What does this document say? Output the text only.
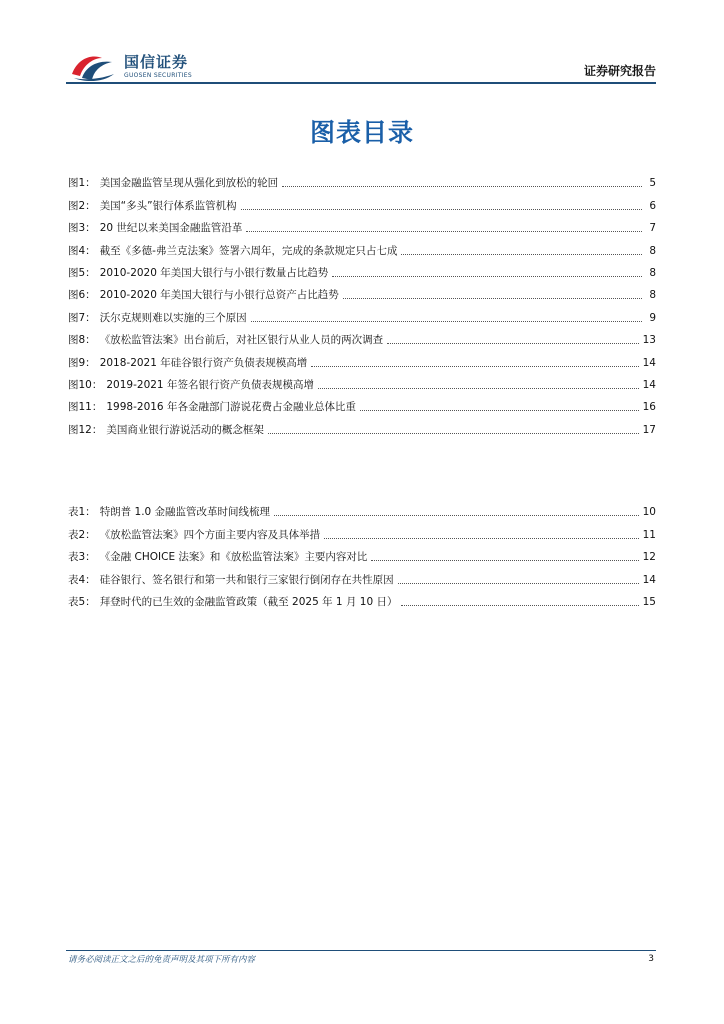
国信证券
GUOSEN SECURITIES	证券研究报告
图表目录
图1： 美国金融监管呈现从强化到放松的轮回	5
图2： 美国“多头”银行体系监管机构	6
图3： 20 世纪以来美国金融监管沿革	7
图4： 截至《多德-弗兰克法案》签署六周年，完成的条款规定只占七成	8
图5： 2010-2020 年美国大银行与小银行数量占比趋势	8
图6： 2010-2020 年美国大银行与小银行总资产占比趋势	8
图7： 沃尔克规则难以实施的三个原因	9
图8： 《放松监管法案》出台前后，对社区银行从业人员的两次调查	13
图9： 2018-2021 年硅谷银行资产负债表规模高增	14
图10： 2019-2021 年签名银行资产负债表规模高增	14
图11： 1998-2016 年各金融部门游说花费占金融业总体比重	16
图12： 美国商业银行游说活动的概念框架	17
表1： 特朗普 1.0 金融监管改革时间线梳理	10
表2： 《放松监管法案》四个方面主要内容及具体举措	11
表3： 《金融 CHOICE 法案》和《放松监管法案》主要内容对比	12
表4： 硅谷银行、签名银行和第一共和银行三家银行倒闭存在共性原因	14
表5： 拜登时代的已生效的金融监管政策（截至 2025 年 1 月 10 日）	15
请务必阅读正文之后的免责声明及其项下所有内容	3
